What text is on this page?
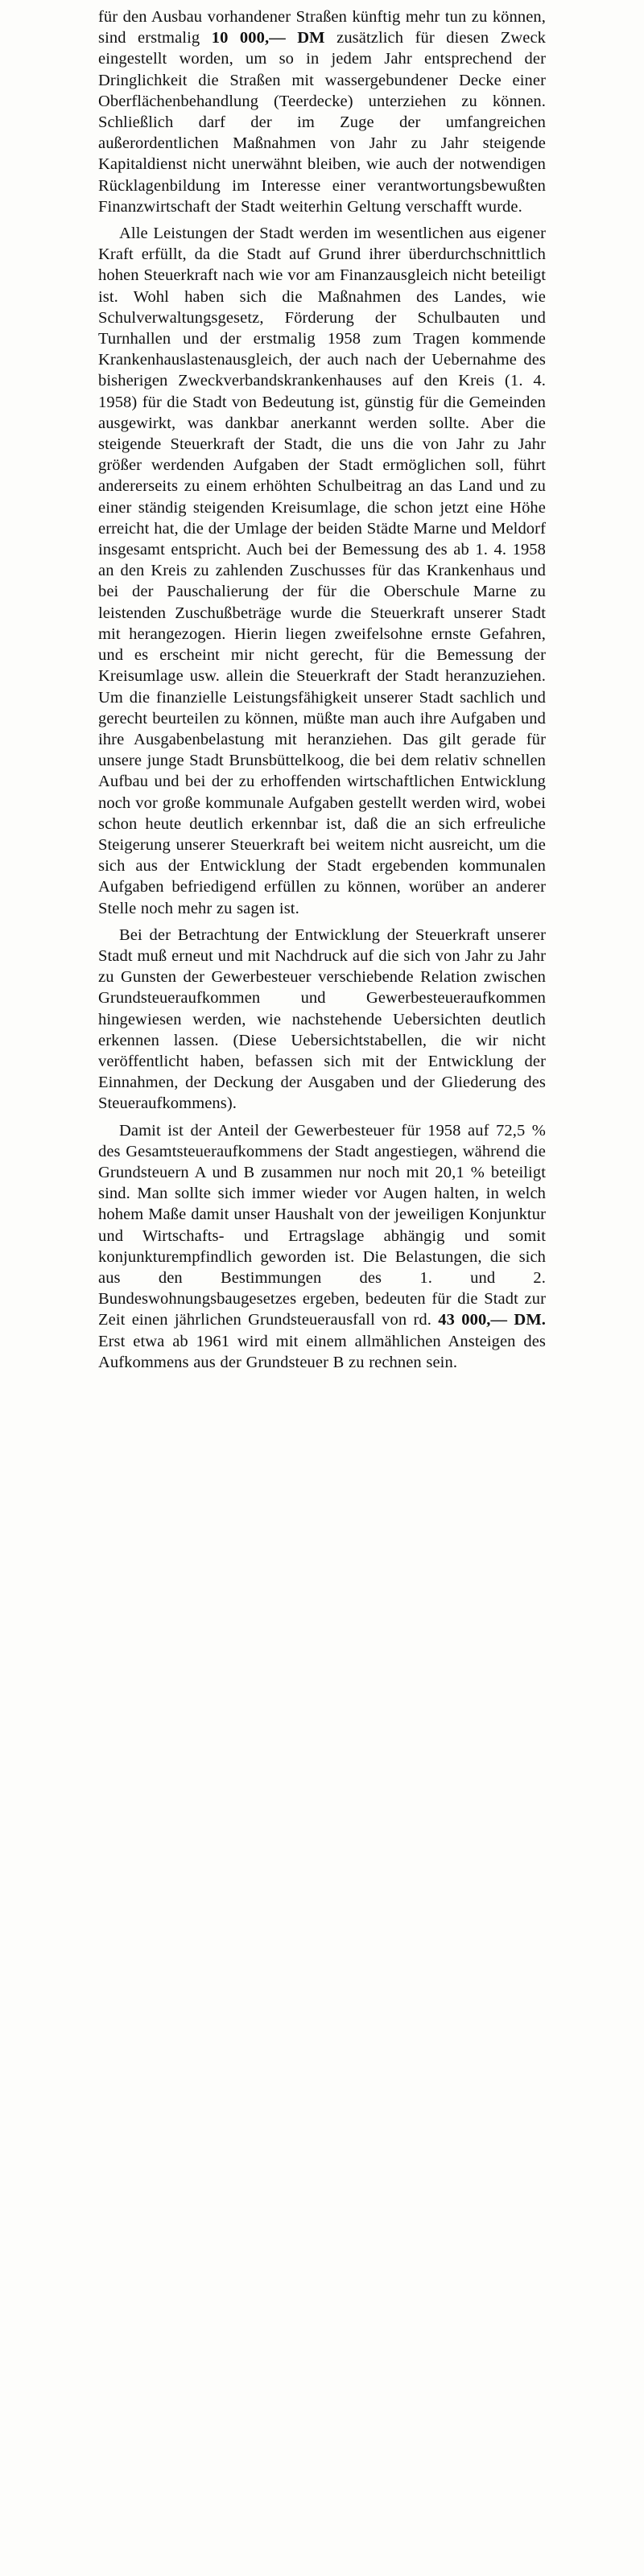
für den Ausbau vorhandener Straßen künftig mehr tun zu können, sind erstmalig 10 000,— DM zusätzlich für diesen Zweck eingestellt worden, um so in jedem Jahr entsprechend der Dringlichkeit die Straßen mit wassergebundener Decke einer Oberflächenbehandlung (Teerdecke) unterziehen zu können. Schließlich darf der im Zuge der umfangreichen außerordentlichen Maßnahmen von Jahr zu Jahr steigende Kapitaldienst nicht unerwähnt bleiben, wie auch der notwendigen Rücklagenbildung im Interesse einer verantwortungsbewußten Finanzwirtschaft der Stadt weiterhin Geltung verschafft wurde.

Alle Leistungen der Stadt werden im wesentlichen aus eigener Kraft erfüllt, da die Stadt auf Grund ihrer überdurchschnittlich hohen Steuerkraft nach wie vor am Finanzausgleich nicht beteiligt ist. Wohl haben sich die Maßnahmen des Landes, wie Schulverwaltungsgesetz, Förderung der Schulbauten und Turnhallen und der erstmalig 1958 zum Tragen kommende Krankenhauslastenausgleich, der auch nach der Uebernahme des bisherigen Zweckverbandskrankenhauses auf den Kreis (1. 4. 1958) für die Stadt von Bedeutung ist, günstig für die Gemeinden ausgewirkt, was dankbar anerkannt werden sollte. Aber die steigende Steuerkraft der Stadt, die uns die von Jahr zu Jahr größer werdenden Aufgaben der Stadt ermöglichen soll, führt andererseits zu einem erhöhten Schulbeitrag an das Land und zu einer ständig steigenden Kreisumlage, die schon jetzt eine Höhe erreicht hat, die der Umlage der beiden Städte Marne und Meldorf insgesamt entspricht. Auch bei der Bemessung des ab 1. 4. 1958 an den Kreis zu zahlenden Zuschusses für das Krankenhaus und bei der Pauschalierung der für die Oberschule Marne zu leistenden Zuschußbeträge wurde die Steuerkraft unserer Stadt mit herangezogen. Hierin liegen zweifelsohne ernste Gefahren, und es erscheint mir nicht gerecht, für die Bemessung der Kreisumlage usw. allein die Steuerkraft der Stadt heranzuziehen. Um die finanzielle Leistungsfähigkeit unserer Stadt sachlich und gerecht beurteilen zu können, müßte man auch ihre Aufgaben und ihre Ausgabenbelastung mit heranziehen. Das gilt gerade für unsere junge Stadt Brunsbüttelkoog, die bei dem relativ schnellen Aufbau und bei der zu erhoffenden wirtschaftlichen Entwicklung noch vor große kommunale Aufgaben gestellt werden wird, wobei schon heute deutlich erkennbar ist, daß die an sich erfreuliche Steigerung unserer Steuerkraft bei weitem nicht ausreicht, um die sich aus der Entwicklung der Stadt ergebenden kommunalen Aufgaben befriedigend erfüllen zu können, worüber an anderer Stelle noch mehr zu sagen ist.

Bei der Betrachtung der Entwicklung der Steuerkraft unserer Stadt muß erneut und mit Nachdruck auf die sich von Jahr zu Jahr zu Gunsten der Gewerbesteuer verschiebende Relation zwischen Grundsteueraufkommen und Gewerbesteueraufkommen hingewiesen werden, wie nachstehende Uebersichten deutlich erkennen lassen. (Diese Uebersichtstabellen, die wir nicht veröffentlicht haben, befassen sich mit der Entwicklung der Einnahmen, der Deckung der Ausgaben und der Gliederung des Steueraufkommens).

Damit ist der Anteil der Gewerbesteuer für 1958 auf 72,5 % des Gesamtsteueraufkommens der Stadt angestiegen, während die Grundsteuern A und B zusammen nur noch mit 20,1 % beteiligt sind. Man sollte sich immer wieder vor Augen halten, in welch hohem Maße damit unser Haushalt von der jeweiligen Konjunktur und Wirtschafts- und Ertragslage abhängig und somit konjunkturempfindlich geworden ist. Die Belastungen, die sich aus den Bestimmungen des 1. und 2. Bundeswohnungsbaugesetzes ergeben, bedeuten für die Stadt zur Zeit einen jährlichen Grundsteuerausfall von rd. 43 000,— DM. Erst etwa ab 1961 wird mit einem allmählichen Ansteigen des Aufkommens aus der Grundsteuer B zu rechnen sein.
